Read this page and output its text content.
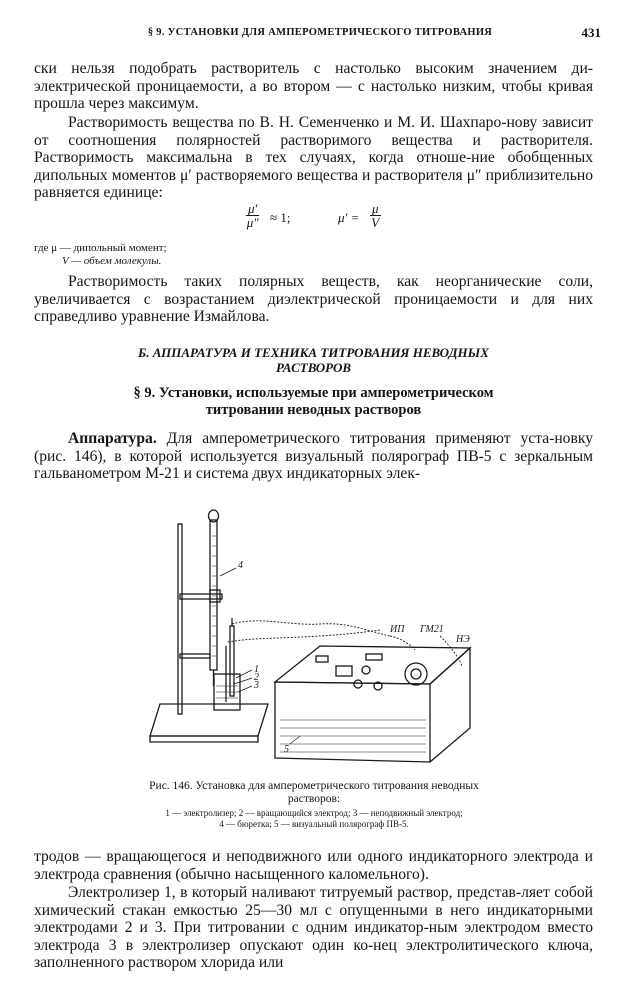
§ 9. УСТАНОВКИ ДЛЯ АМПЕРОМЕТРИЧЕСКОГО ТИТРОВАНИЯ	431

ски нельзя подобрать растворитель с настолько высоким значением ди-электрической проницаемости, а во втором — с настолько низким, чтобы кривая прошла через максимум.

Растворимость вещества по В. Н. Семенченко и М. И. Шахпаро-нову зависит от соотношения полярностей растворимого вещества и растворителя. Растворимость максимальна в тех случаях, когда отноше-ние обобщенных дипольных моментов μ′ растворяемого вещества и растворителя μ″ приблизительно равняется единице:

$\frac{\mu'}{\mu''} \approx 1$;	$\mu' = \frac{\mu}{V}$
где μ — дипольный момент;
V — объем молекулы.

Растворимость таких полярных веществ, как неорганические соли, увеличивается с возрастанием диэлектрической проницаемости и для них справедливо уравнение Измайлова.

Б. АППАРАТУРА И ТЕХНИКА ТИТРОВАНИЯ НЕВОДНЫХ
РАСТВОРОВ
§ 9. Установки, используемые при амперометрическом
титровании неводных растворов

Аппаратура. Для амперометрического титрования применяют уста-новку (рис. 146), в которой используется визуальный полярограф ПВ-5 с зеркальным гальванометром М-21 и система двух индикаторных элек-

1
2
3
4
5
ИП ГМ21
НЭ
Рис. 146. Установка для амперометрического титрования неводных
растворов:
1 — электролизер; 2 — вращающийся электрод; 3 — неподвижный электрод;
4 — бюретка; 5 — визуальный полярограф ПВ-5.

тродов — вращающегося и неподвижного или одного индикаторного электрода и электрода сравнения (обычно насыщенного каломельного).

Электролизер 1, в который наливают титруемый раствор, представ-ляет собой химический стакан емкостью 25—30 мл с опущенными в него индикаторными электродами 2 и 3. При титровании с одним индикатор-ным электродом вместо электрода 3 в электролизер опускают один ко-нец электролитического ключа, заполненного раствором хлорида или
